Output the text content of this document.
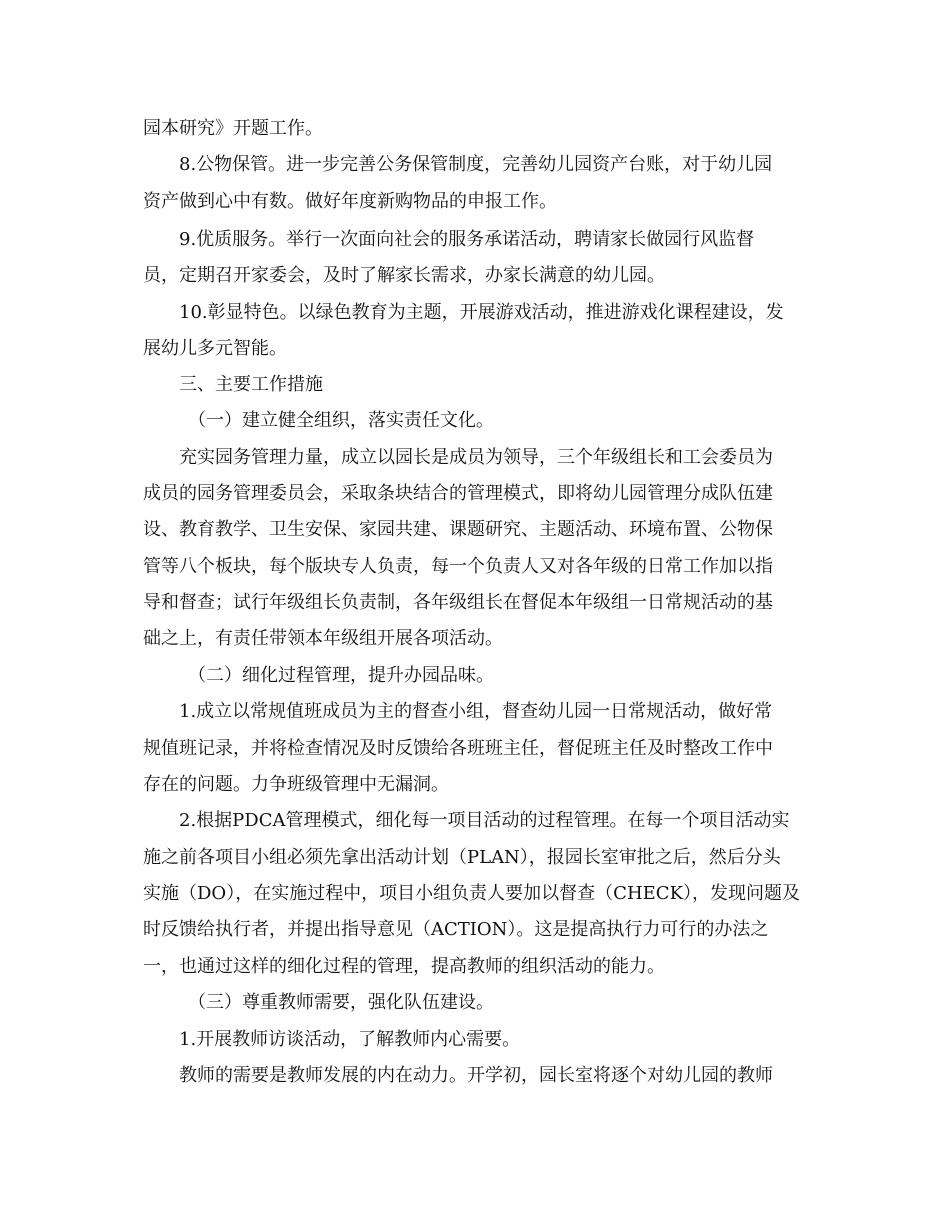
园本研究》开题工作。
8.公物保管。进一步完善公务保管制度，完善幼儿园资产台账，对于幼儿园
资产做到心中有数。做好年度新购物品的申报工作。
9.优质服务。举行一次面向社会的服务承诺活动，聘请家长做园行风监督
员，定期召开家委会，及时了解家长需求，办家长满意的幼儿园。
10.彰显特色。以绿色教育为主题，开展游戏活动，推进游戏化课程建设，发
展幼儿多元智能。
三、主要工作措施
（一）建立健全组织，落实责任文化。
充实园务管理力量，成立以园长是成员为领导，三个年级组长和工会委员为
成员的园务管理委员会，采取条块结合的管理模式，即将幼儿园管理分成队伍建
设、教育教学、卫生安保、家园共建、课题研究、主题活动、环境布置、公物保
管等八个板块，每个版块专人负责，每一个负责人又对各年级的日常工作加以指
导和督查；试行年级组长负责制，各年级组长在督促本年级组一日常规活动的基
础之上，有责任带领本年级组开展各项活动。
（二）细化过程管理，提升办园品味。
1.成立以常规值班成员为主的督查小组，督查幼儿园一日常规活动，做好常
规值班记录，并将检查情况及时反馈给各班班主任，督促班主任及时整改工作中
存在的问题。力争班级管理中无漏洞。
2.根据PDCA管理模式，细化每一项目活动的过程管理。在每一个项目活动实
施之前各项目小组必须先拿出活动计划（PLAN），报园长室审批之后，然后分头
实施（DO），在实施过程中，项目小组负责人要加以督查（CHECK），发现问题及
时反馈给执行者，并提出指导意见（ACTION）。这是提高执行力可行的办法之
一，也通过这样的细化过程的管理，提高教师的组织活动的能力。
（三）尊重教师需要，强化队伍建设。
1.开展教师访谈活动，了解教师内心需要。
教师的需要是教师发展的内在动力。开学初，园长室将逐个对幼儿园的教师
